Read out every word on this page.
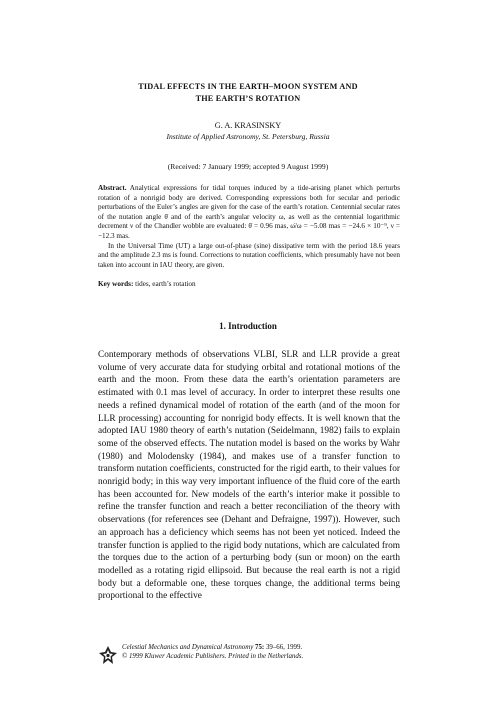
TIDAL EFFECTS IN THE EARTH–MOON SYSTEM AND
THE EARTH’S ROTATION
G. A. KRASINSKY
Institute of Applied Astronomy, St. Petersburg, Russia
(Received: 7 January 1999; accepted 9 August 1999)

Abstract. Analytical expressions for tidal torques induced by a tide-arising planet which perturbs rotation of a nonrigid body are derived. Corresponding expressions both for secular and periodic perturbations of the Euler’s angles are given for the case of the earth’s rotation. Centennial secular rates of the nutation angle θ̇ and of the earth’s angular velocity ω, as well as the centennial logarithmic decrement ν of the Chandler wobble are evaluated: θ̇ = 0.96 mas, ω̇/ω = −5.08 mas = −24.6 × 10⁻⁹, ν = −12.3 mas.

In the Universal Time (UT) a large out-of-phase (sine) dissipative term with the period 18.6 years and the amplitude 2.3 ms is found. Corrections to nutation coefficients, which presumably have not been taken into account in IAU theory, are given.

Key words: tides, earth’s rotation
1. Introduction

Contemporary methods of observations VLBI, SLR and LLR provide a great volume of very accurate data for studying orbital and rotational motions of the earth and the moon. From these data the earth’s orientation parameters are estimated with 0.1 mas level of accuracy. In order to interpret these results one needs a refined dynamical model of rotation of the earth (and of the moon for LLR processing) accounting for nonrigid body effects. It is well known that the adopted IAU 1980 theory of earth’s nutation (Seidelmann, 1982) fails to explain some of the observed effects. The nutation model is based on the works by Wahr (1980) and Molodensky (1984), and makes use of a transfer function to transform nutation coefficients, constructed for the rigid earth, to their values for nonrigid body; in this way very important influence of the fluid core of the earth has been accounted for. New models of the earth’s interior make it possible to refine the transfer function and reach a better reconciliation of the theory with observations (for references see (Dehant and Defraigne, 1997)). However, such an approach has a deficiency which seems has not been yet noticed. Indeed the transfer function is applied to the rigid body nutations, which are calculated from the torques due to the action of a perturbing body (sun or moon) on the earth modelled as a rotating rigid ellipsoid. But because the real earth is not a rigid body but a deformable one, these torques change, the additional terms being proportional to the effective

Celestial Mechanics and Dynamical Astronomy 75: 39–66, 1999.
© 1999 Kluwer Academic Publishers. Printed in the Netherlands.
